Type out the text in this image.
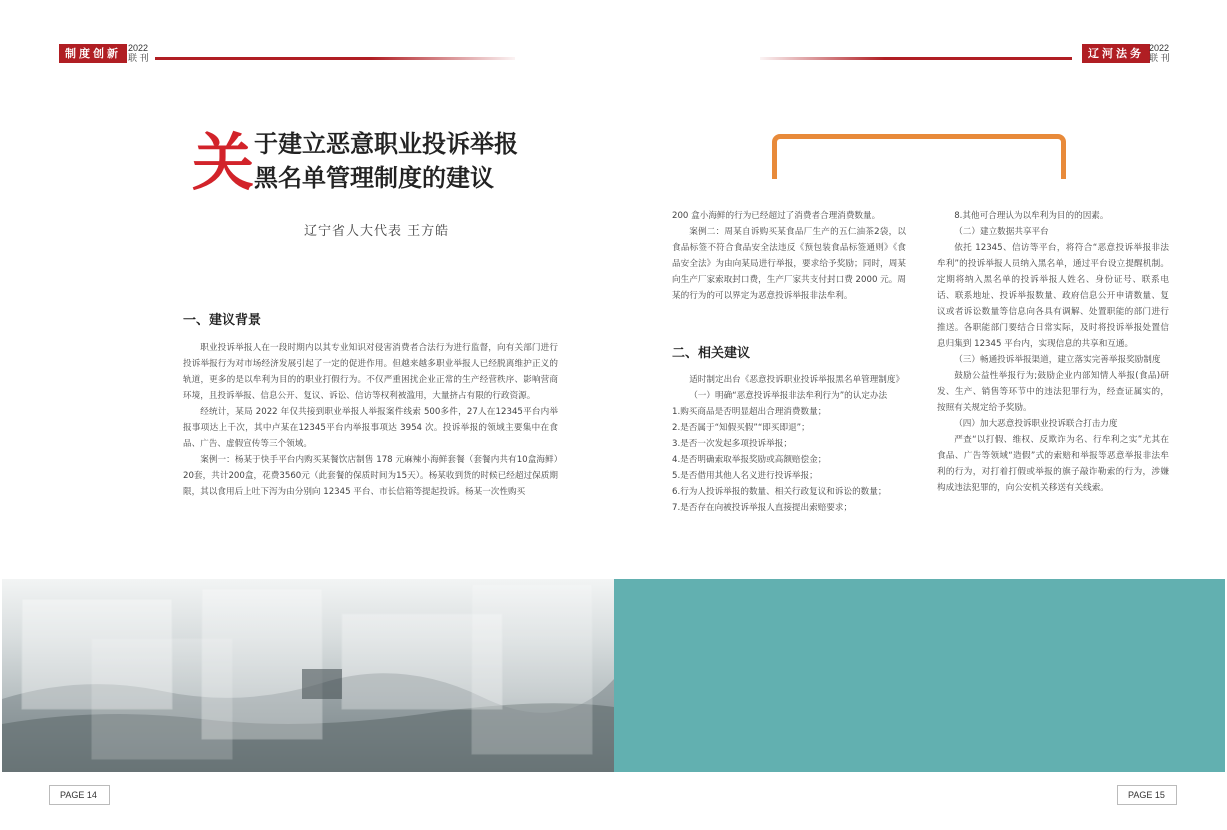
制度创新 2022
联 刊	辽河法务 2022
联 刊
关 于建立恶意职业投诉举报
黑名单管理制度的建议
辽宁省人大代表 王方皓
一、建议背景
职业投诉举报人在一段时期内以其专业知识对侵害消费者合法行为进行监督，向有关部门进行投诉举报行为对市场经济发展引起了一定的促进作用。但越来越多职业举报人已经脱离维护正义的轨道，更多的是以牟利为目的的职业打假行为。不仅严重困扰企业正常的生产经营秩序、影响营商环境，且投诉举报、信息公开、复议、诉讼、信访等权利被滥用，大量挤占有限的行政资源。
经统计，某局 2022 年仅共接到职业举报人举报案件线索 500多件，27人在12345平台内举报事项达上千次，其中卢某在12345平台内举报事项达 3954 次。投诉举报的领域主要集中在食品、广告、虚假宣传等三个领域。
案例一：杨某于快手平台内购买某餐饮店制售 178 元麻辣小海鲜套餐（套餐内共有10盒海鲜）20套，共计200盒，花费3560元（此套餐的保质时间为15天）。杨某收到货的时候已经超过保质期限，其以食用后上吐下泻为由分别向 12345 平台、市长信箱等提起投诉。杨某一次性购买
200 盒小海鲜的行为已经超过了消费者合理消费数量。
案例二：周某自诉购买某食品厂生产的五仁油茶2袋，以食品标签不符合食品安全法违反《预包装食品标签通则》《食品安全法》为由向某局进行举报，要求给予奖励；同时，周某向生产厂家索取封口费，生产厂家共支付封口费 2000 元。周某的行为的可以界定为恶意投诉举报非法牟利。
二、相关建议
适时制定出台《恶意投诉职业投诉举报黑名单管理制度》
（一）明确“恶意投诉举报非法牟利行为”的认定办法
1.购买商品是否明显超出合理消费数量；
2.是否属于“知假买假”“即买即退”；
3.是否一次发起多项投诉举报；
4.是否明确索取举报奖励或高额赔偿金；
5.是否借用其他人名义进行投诉举报；
6.行为人投诉举报的数量、相关行政复议和诉讼的数量；
7.是否存在向被投诉举报人直接提出索赔要求；
8.其他可合理认为以牟利为目的的因素。
（二）建立数据共享平台
依托 12345、信访等平台，将符合“恶意投诉举报非法牟利”的投诉举报人员纳入黑名单，通过平台设立提醒机制。定期将纳入黑名单的投诉举报人姓名、身份证号、联系电话、联系地址、投诉举报数量、政府信息公开申请数量、复议或者诉讼数量等信息向各具有调解、处置职能的部门进行推送。各职能部门要结合日常实际，及时将投诉举报处置信息归集到 12345 平台内，实现信息的共享和互通。
（三）畅通投诉举报渠道，建立落实完善举报奖励制度
鼓励公益性举报行为;鼓励企业内部知情人举报(食品)研发、生产、销售等环节中的违法犯罪行为，经查证属实的，按照有关规定给予奖励。
（四）加大恶意投诉职业投诉联合打击力度
严查“以打假、维权、反欺诈为名、行牟利之实”尤其在食品、广告等领域“造假”式的索赔和举报等恶意举报非法牟利的行为，对打着打假或举报的旗子敲诈勒索的行为，涉嫌构成违法犯罪的，向公安机关移送有关线索。
PAGE 14	PAGE 15
